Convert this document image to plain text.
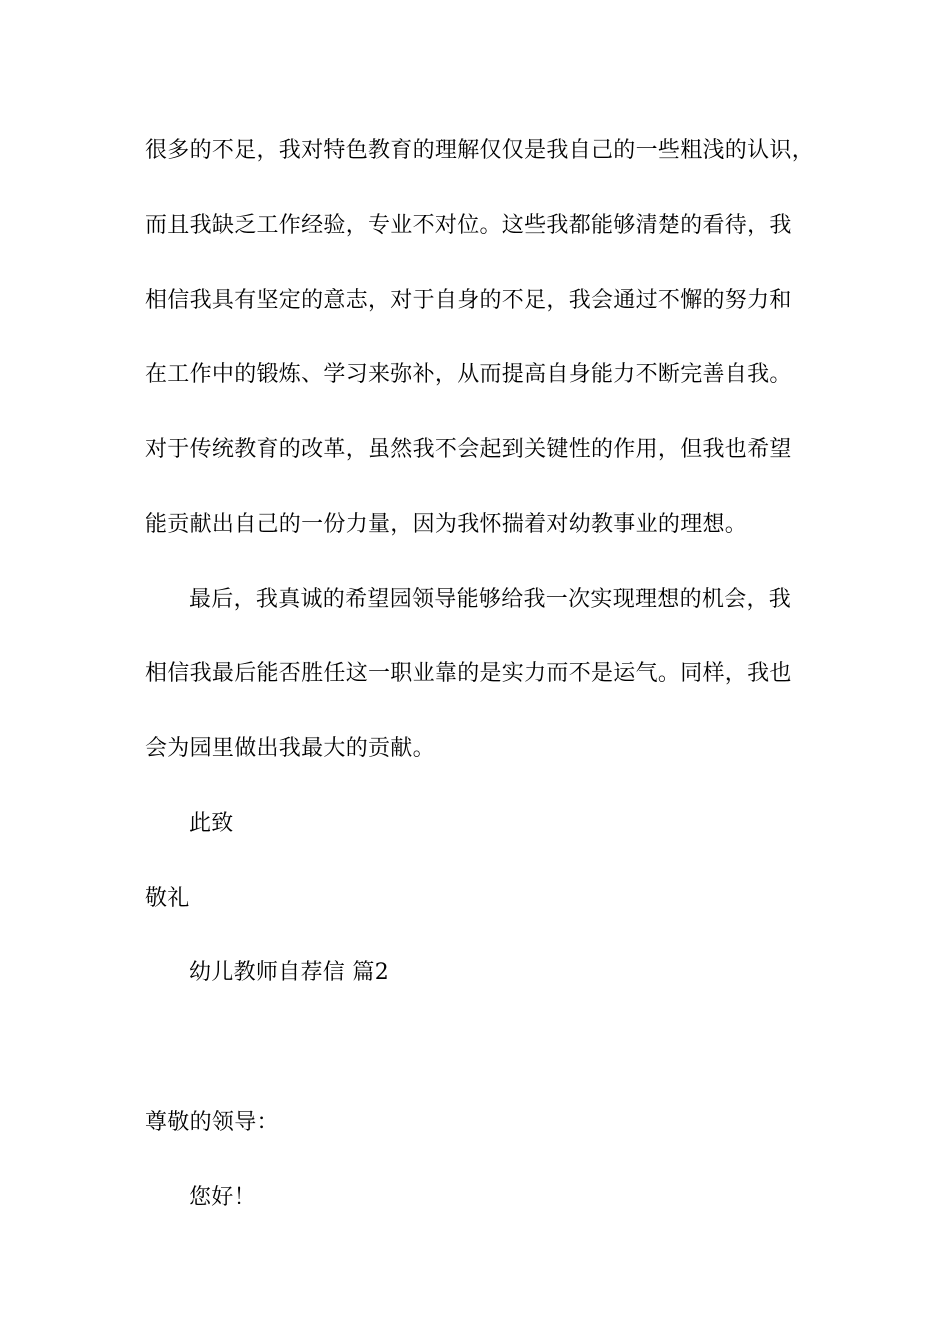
很多的不足，我对特色教育的理解仅仅是我自己的一些粗浅的认识，
而且我缺乏工作经验，专业不对位。这些我都能够清楚的看待，我
相信我具有坚定的意志，对于自身的不足，我会通过不懈的努力和
在工作中的锻炼、学习来弥补，从而提高自身能力不断完善自我。
对于传统教育的改革，虽然我不会起到关键性的作用，但我也希望
能贡献出自己的一份力量，因为我怀揣着对幼教事业的理想。
最后，我真诚的希望园领导能够给我一次实现理想的机会，我
相信我最后能否胜任这一职业靠的是实力而不是运气。同样，我也
会为园里做出我最大的贡献。
此致
敬礼
幼儿教师自荐信 篇2
尊敬的领导：
您好！
